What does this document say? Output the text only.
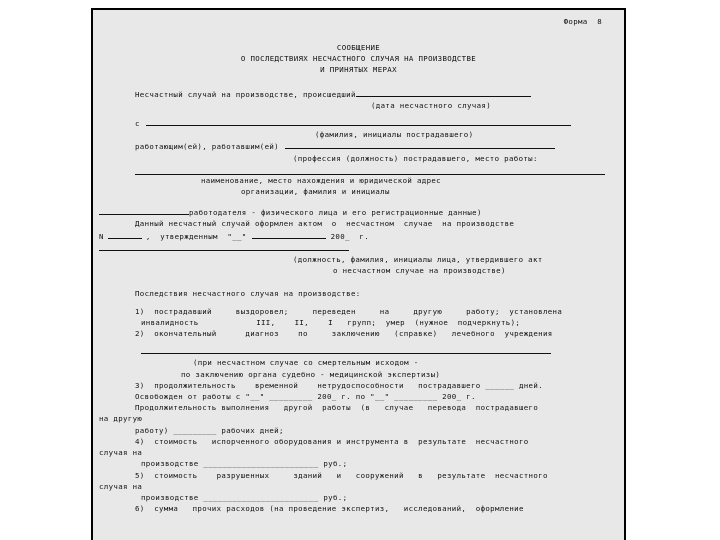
Форма  8
СООБЩЕНИЕ
О ПОСЛЕДСТВИЯХ НЕСЧАСТНОГО СЛУЧАЯ НА ПРОИЗВОДСТВЕ
И ПРИНЯТЫХ МЕРАХ
Несчастный случай на производстве, происшедший
(дата несчастного случая)
с
(фамилия, инициалы пострадавшего)
работающим(ей), работавшим(ей)
(профессия (должность) пострадавшего, место работы:
наименование, место нахождения и юридической адрес
организации, фамилия и инициалы
работодателя - физического лица и его регистрационные данные)
Данный несчастный случай оформлен актом  о  несчастном  случае  на производстве
N	,  утвержденным  "__"	200_  г.
(должность, фамилия, инициалы лица, утвердившего акт
о несчастном случае на производстве)
Последствия несчастного случая на производстве:
1)  пострадавший     выздоровел;     переведен     на     другую     работу;  установлена
инвалидность            III,    II,    I   групп;  умер  (нужное  подчеркнуть);
2)  окончательный      диагноз    по     заключению   (справке)   лечебного  учреждения
(при несчастном случае со смертельным исходом -
по заключению органа судебно - медицинской экспертизы)
3)  продолжительность    временной    нетрудоспособности   пострадавшего ______ дней.
Освобожден от работы с "__" _________ 200_ г. по "__" _________ 200_ г.
Продолжительность выполнения   другой  работы  (в   случае   перевода  пострадавшего
на другую
работу) _________ рабочих дней;
4)  стоимость   испорченного оборудования и инструмента в  результате  несчастного
случая на
производстве ________________________ руб.;
5)  стоимость    разрушенных     зданий   и   сооружений   в   результате  несчастного
случая на
производстве ________________________ руб.;
6)  сумма   прочих расходов (на проведение экспертиз,   исследований,  оформление
